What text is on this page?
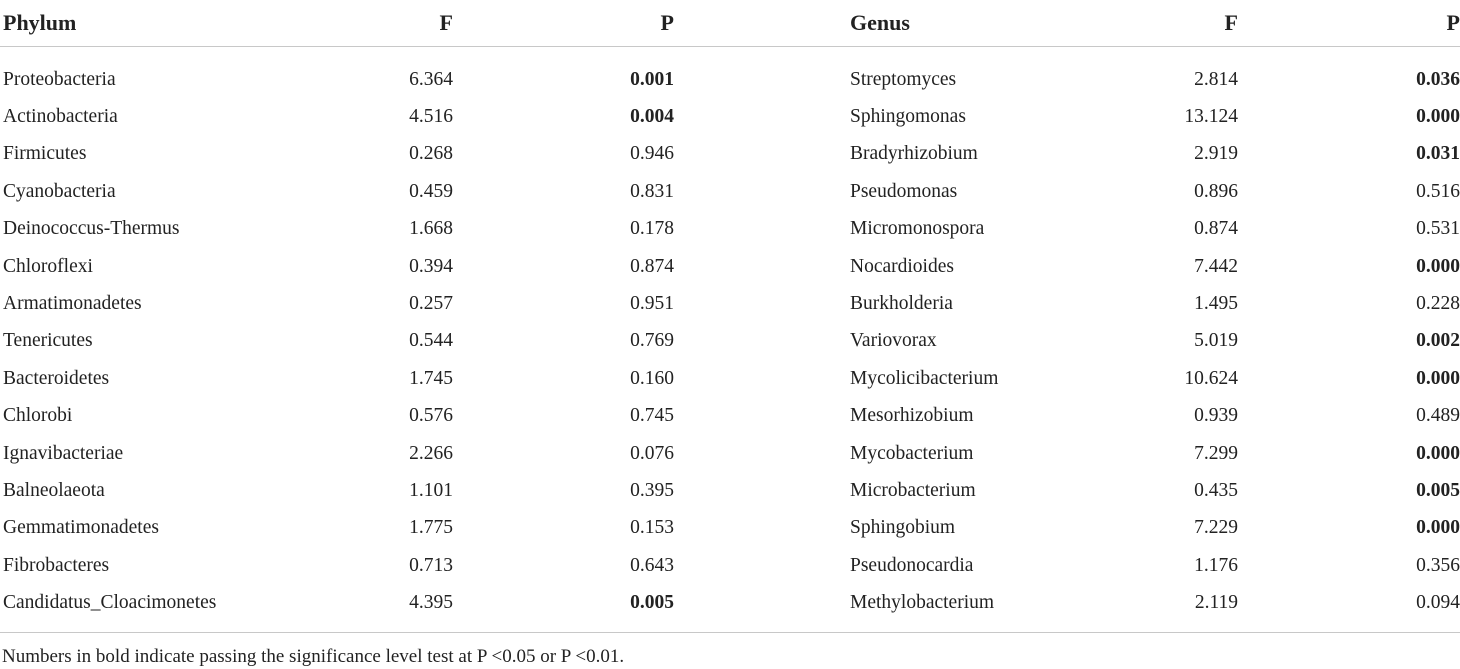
Phylum	F	P		Genus	F	P
Proteobacteria	6.364	0.001		Streptomyces	2.814	0.036
Actinobacteria	4.516	0.004		Sphingomonas	13.124	0.000
Firmicutes	0.268	0.946		Bradyrhizobium	2.919	0.031
Cyanobacteria	0.459	0.831		Pseudomonas	0.896	0.516
Deinococcus-Thermus	1.668	0.178		Micromonospora	0.874	0.531
Chloroflexi	0.394	0.874		Nocardioides	7.442	0.000
Armatimonadetes	0.257	0.951		Burkholderia	1.495	0.228
Tenericutes	0.544	0.769		Variovorax	5.019	0.002
Bacteroidetes	1.745	0.160		Mycolicibacterium	10.624	0.000
Chlorobi	0.576	0.745		Mesorhizobium	0.939	0.489
Ignavibacteriae	2.266	0.076		Mycobacterium	7.299	0.000
Balneolaeota	1.101	0.395		Microbacterium	0.435	0.005
Gemmatimonadetes	1.775	0.153		Sphingobium	7.229	0.000
Fibrobacteres	0.713	0.643		Pseudonocardia	1.176	0.356
Candidatus_Cloacimonetes	4.395	0.005		Methylobacterium	2.119	0.094
Numbers in bold indicate passing the significance level test at P <0.05 or P <0.01.
